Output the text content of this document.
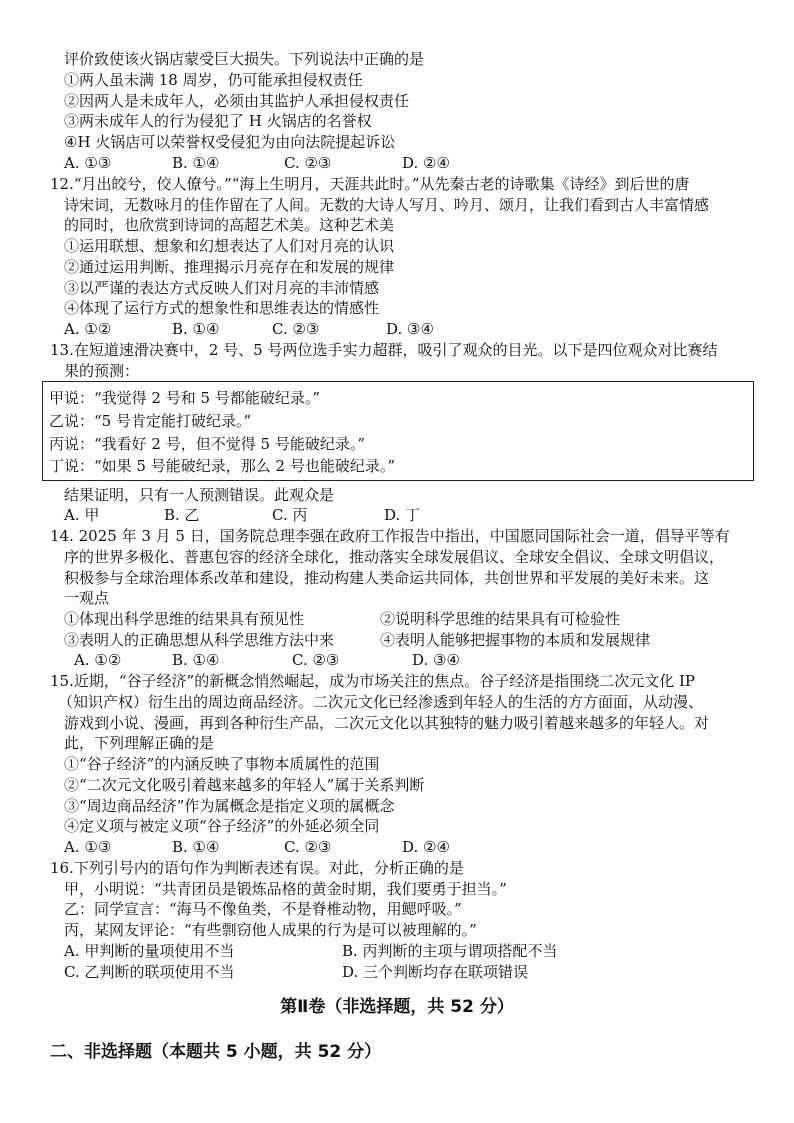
评价致使该火锅店蒙受巨大损失。下列说法中正确的是
①两人虽未满 18 周岁，仍可能承担侵权责任
②因两人是未成年人，必须由其监护人承担侵权责任
③两未成年人的行为侵犯了 H 火锅店的名誉权
④H 火锅店可以荣誉权受侵犯为由向法院提起诉讼
A. ①③	B. ①④	C. ②③	D. ②④
12.“月出皎兮，佼人僚兮。”“海上生明月，天涯共此时。”从先秦古老的诗歌集《诗经》到后世的唐
诗宋词，无数咏月的佳作留在了人间。无数的大诗人写月、吟月、颂月，让我们看到古人丰富情感
的同时，也欣赏到诗词的高超艺术美。这种艺术美
①运用联想、想象和幻想表达了人们对月亮的认识
②通过运用判断、推理揭示月亮存在和发展的规律
③以严谨的表达方式反映人们对月亮的丰沛情感
④体现了运行方式的想象性和思维表达的情感性
A. ①②	B. ①④	C. ②③	D. ③④
13.在短道速滑决赛中，2 号、5 号两位选手实力超群，吸引了观众的目光。以下是四位观众对比赛结
果的预测：
甲说：“我觉得 2 号和 5 号都能破纪录。”
乙说：“5 号肯定能打破纪录。”
丙说：“我看好 2 号，但不觉得 5 号能破纪录。”
丁说：“如果 5 号能破纪录，那么 2 号也能破纪录。”
结果证明，只有一人预测错误。此观众是
A. 甲	B. 乙	C. 丙	D. 丁
14. 2025 年 3 月 5 日，国务院总理李强在政府工作报告中指出，中国愿同国际社会一道，倡导平等有
序的世界多极化、普惠包容的经济全球化，推动落实全球发展倡议、全球安全倡议、全球文明倡议，
积极参与全球治理体系改革和建设，推动构建人类命运共同体，共创世界和平发展的美好未来。这
一观点
①体现出科学思维的结果具有预见性	②说明科学思维的结果具有可检验性
③表明人的正确思想从科学思维方法中来	④表明人能够把握事物的本质和发展规律
A. ①②	B. ①④	C. ②③	D. ③④
15.近期，“谷子经济”的新概念悄然崛起，成为市场关注的焦点。谷子经济是指围绕二次元文化 IP
（知识产权）衍生出的周边商品经济。二次元文化已经渗透到年轻人的生活的方方面面，从动漫、
游戏到小说、漫画，再到各种衍生产品，二次元文化以其独特的魅力吸引着越来越多的年轻人。对
此，下列理解正确的是
①“谷子经济”的内涵反映了事物本质属性的范围
②“二次元文化吸引着越来越多的年轻人”属于关系判断
③“周边商品经济”作为属概念是指定义项的属概念
④定义项与被定义项“谷子经济”的外延必须全同
A. ①③	B. ①④	C. ②③	D. ②④
16.下列引号内的语句作为判断表述有误。对此，分析正确的是
甲，小明说：“共青团员是锻炼品格的黄金时期，我们要勇于担当。”
乙：同学宣言：“海马不像鱼类，不是脊椎动物，用鳃呼吸。”
丙，某网友评论：“有些剽窃他人成果的行为是可以被理解的。”
A. 甲判断的量项使用不当	B. 丙判断的主项与谓项搭配不当
C. 乙判断的联项使用不当	D. 三个判断均存在联项错误
第Ⅱ卷（非选择题，共 52 分）
二、非选择题（本题共 5 小题，共 52 分）
